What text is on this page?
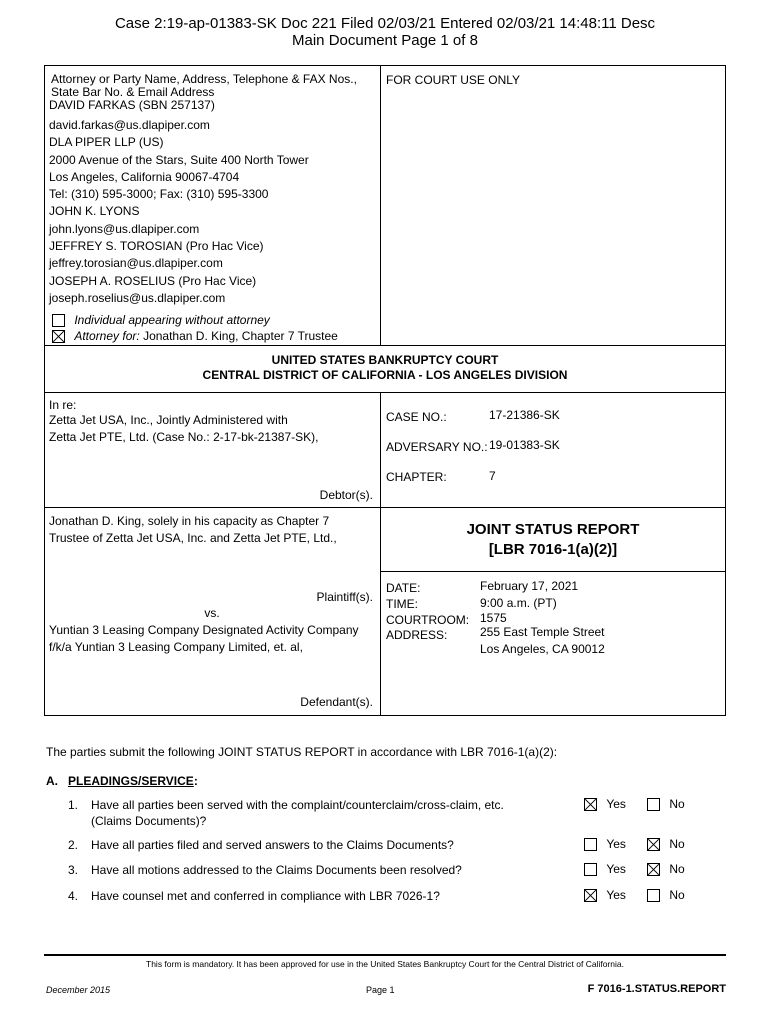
Case 2:19-ap-01383-SK Doc 221 Filed 02/03/21 Entered 02/03/21 14:48:11 Desc
Main Document Page 1 of 8
Attorney or Party Name, Address, Telephone & FAX Nos., State Bar No. & Email Address
DAVID FARKAS (SBN 257137)
david.farkas@us.dlapiper.com
DLA PIPER LLP (US)
2000 Avenue of the Stars, Suite 400 North Tower
Los Angeles, California 90067-4704
Tel: (310) 595-3000; Fax: (310) 595-3300
JOHN K. LYONS
john.lyons@us.dlapiper.com
JEFFREY S. TOROSIAN (Pro Hac Vice)
jeffrey.torosian@us.dlapiper.com
JOSEPH A. ROSELIUS (Pro Hac Vice)
joseph.roselius@us.dlapiper.com
Individual appearing without attorney
Attorney for: Jonathan D. King, Chapter 7 Trustee
FOR COURT USE ONLY
UNITED STATES BANKRUPTCY COURT
CENTRAL DISTRICT OF CALIFORNIA - LOS ANGELES DIVISION
In re:
Zetta Jet USA, Inc., Jointly Administered with
Zetta Jet PTE, Ltd. (Case No.: 2-17-bk-21387-SK),
Debtor(s).
CASE NO.:	17-21386-SK
ADVERSARY NO.: 19-01383-SK
CHAPTER:	7
Jonathan D. King, solely in his capacity as Chapter 7
Trustee of Zetta Jet USA, Inc. and Zetta Jet PTE, Ltd.,
Plaintiff(s).
vs.
Yuntian 3 Leasing Company Designated Activity Company
f/k/a Yuntian 3 Leasing Company Limited, et. al,
Defendant(s).
JOINT STATUS REPORT
[LBR 7016-1(a)(2)]
DATE:	February 17, 2021
TIME:	9:00 a.m. (PT)
COURTROOM: 1575
ADDRESS:	255 East Temple Street
Los Angeles, CA 90012
The parties submit the following JOINT STATUS REPORT in accordance with LBR 7016-1(a)(2):
A. PLEADINGS/SERVICE:
1. Have all parties been served with the complaint/counterclaim/cross-claim, etc. (Claims Documents)?
Yes	No
2. Have all parties filed and served answers to the Claims Documents?	Yes	No
3. Have all motions addressed to the Claims Documents been resolved?	Yes	No
4. Have counsel met and conferred in compliance with LBR 7026-1?	Yes	No
This form is mandatory. It has been approved for use in the United States Bankruptcy Court for the Central District of California.
December 2015	Page 1	F 7016-1.STATUS.REPORT
